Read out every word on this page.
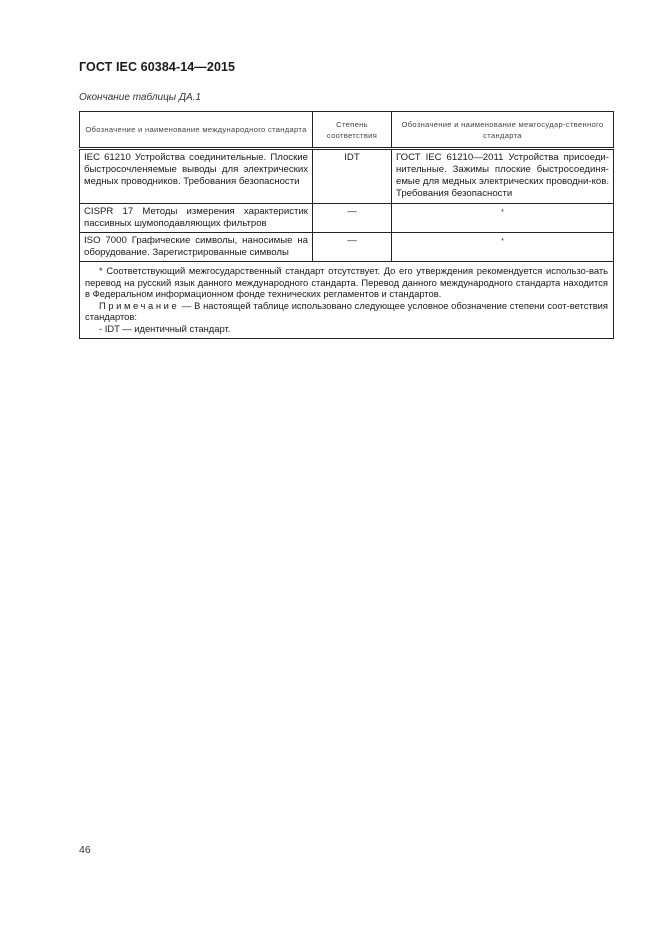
ГОСТ IEC 60384-14—2015
Окончание таблицы ДА.1
Обозначение и наименование международного стандарта	Степень соответствия	Обозначение и наименование межгосудар-ственного стандарта
IEC 61210 Устройства соединительные. Плоские быстросочленяемые выводы для электрических медных проводников. Требования безопасности	IDT	ГОСТ IEC 61210—2011 Устройства присоеди-нительные. Зажимы плоские быстросоединя-емые для медных электрических проводни-ков. Требования безопасности
CISPR 17 Методы измерения характеристик пассивных шумоподавляющих фильтров	—	*
ISO 7000 Графические символы, наносимые на оборудование. Зарегистрированные символы	—	*

* Соответствующий межгосударственный стандарт отсутствует. До его утверждения рекомендуется использо-вать перевод на русский язык данного международного стандарта. Перевод данного международного стандарта находится в Федеральном информационном фонде технических регламентов и стандартов.

Примечание — В настоящей таблице использовано следующее условное обозначение степени соот-ветствия стандартов:

- IDT — идентичный стандарт.		

46
